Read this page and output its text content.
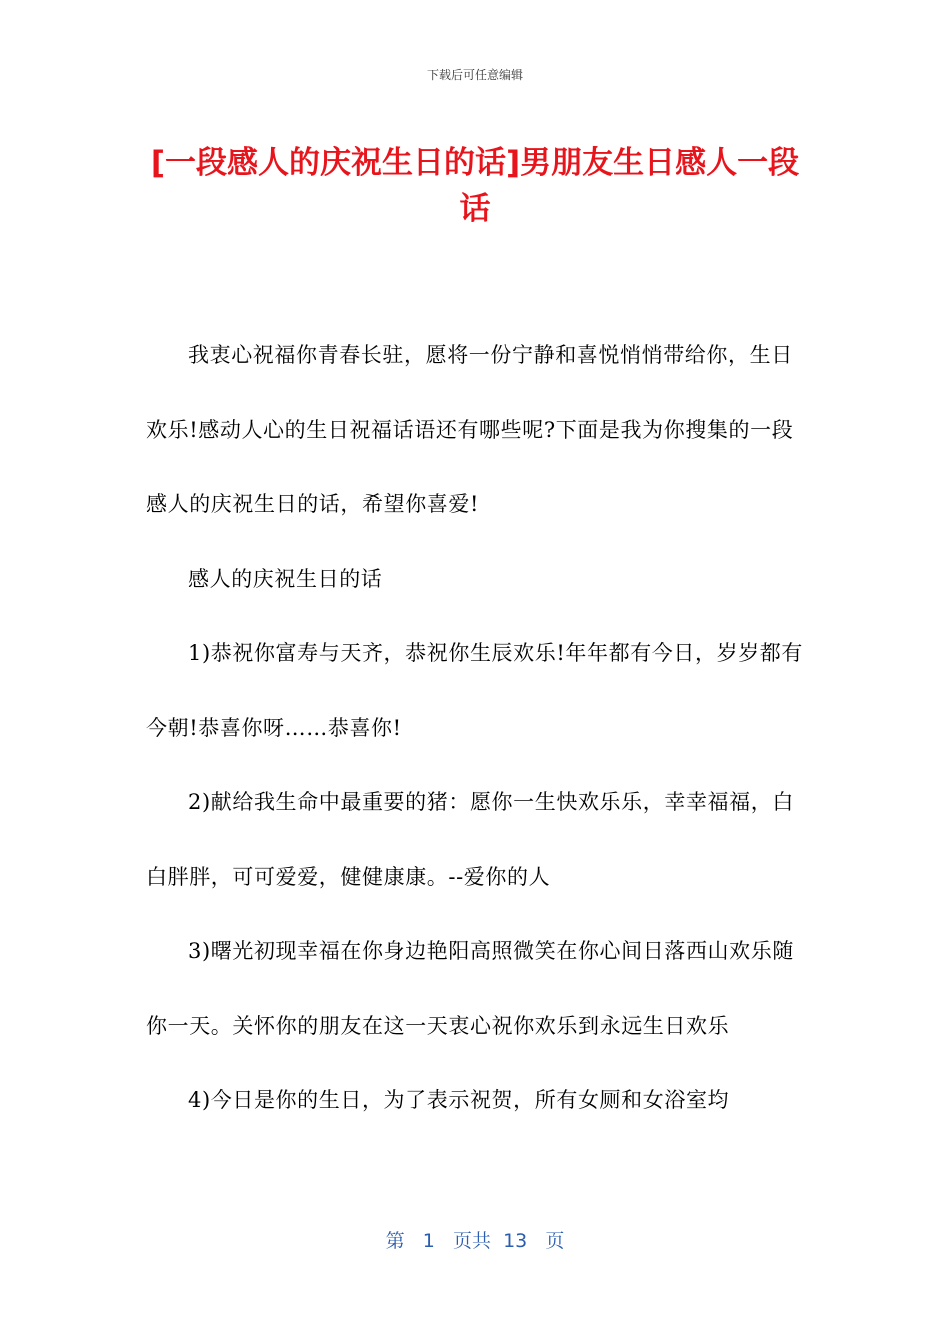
下载后可任意编辑
[一段感人的庆祝生日的话]男朋友生日感人一段话

我衷心祝福你青春长驻，愿将一份宁静和喜悦悄悄带给你，生日欢乐!感动人心的生日祝福话语还有哪些呢?下面是我为你搜集的一段感人的庆祝生日的话，希望你喜爱!

感人的庆祝生日的话

1)恭祝你富寿与天齐，恭祝你生辰欢乐!年年都有今日，岁岁都有今朝!恭喜你呀……恭喜你!

2)献给我生命中最重要的猪：愿你一生快欢乐乐，幸幸福福，白白胖胖，可可爱爱，健健康康。--爱你的人

3)曙光初现幸福在你身边艳阳高照微笑在你心间日落西山欢乐随你一天。关怀你的朋友在这一天衷心祝你欢乐到永远生日欢乐

4)今日是你的生日，为了表示祝贺，所有女厕和女浴室均

第 1 页共 13 页
